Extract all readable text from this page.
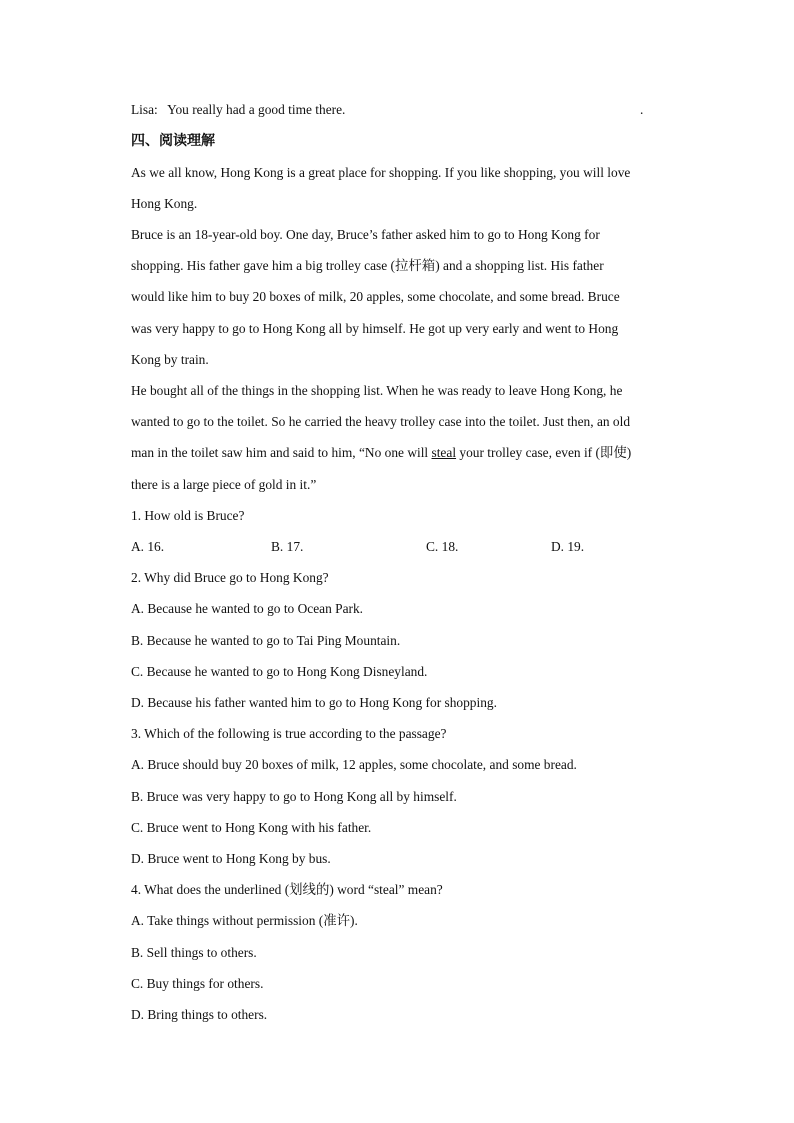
Lisa: You really had a good time there.	.
四、阅读理解
As we all know, Hong Kong is a great place for shopping. If you like shopping, you will love
Hong Kong.
Bruce is an 18-year-old boy. One day, Bruce’s father asked him to go to Hong Kong for
shopping. His father gave him a big trolley case (拉杆箱) and a shopping list. His father
would like him to buy 20 boxes of milk, 20 apples, some chocolate, and some bread. Bruce
was very happy to go to Hong Kong all by himself. He got up very early and went to Hong
Kong by train.
He bought all of the things in the shopping list. When he was ready to leave Hong Kong, he
wanted to go to the toilet. So he carried the heavy trolley case into the toilet. Just then, an old
man in the toilet saw him and said to him, “No one will steal your trolley case, even if (即使)
there is a large piece of gold in it.”
1. How old is Bruce?
A. 16.	B. 17.	C. 18.	D. 19.
2. Why did Bruce go to Hong Kong?
A. Because he wanted to go to Ocean Park.
B. Because he wanted to go to Tai Ping Mountain.
C. Because he wanted to go to Hong Kong Disneyland.
D. Because his father wanted him to go to Hong Kong for shopping.
3. Which of the following is true according to the passage?
A. Bruce should buy 20 boxes of milk, 12 apples, some chocolate, and some bread.
B. Bruce was very happy to go to Hong Kong all by himself.
C. Bruce went to Hong Kong with his father.
D. Bruce went to Hong Kong by bus.
4. What does the underlined (划线的) word “steal” mean?
A. Take things without permission (准许).
B. Sell things to others.
C. Buy things for others.
D. Bring things to others.
